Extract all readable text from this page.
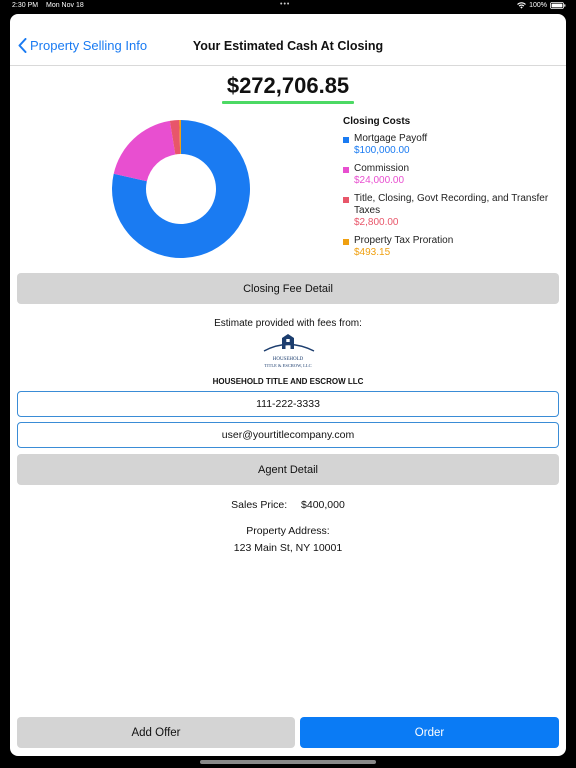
2:30 PM Mon Nov 18	•••	100%
Property Selling Info	Your Estimated Cash At Closing
$272,706.85
Closing Costs
Mortgage Payoff
$100,000.00
Commission
$24,000.00
Title, Closing, Govt Recording, and Transfer Taxes
$2,800.00
Property Tax Proration
$493.15
Closing Fee Detail
Estimate provided with fees from:
HOUSEHOLD
TITLE & ESCROW, LLC
HOUSEHOLD TITLE AND ESCROW LLC
111-222-3333
user@yourtitlecompany.com
Agent Detail
Sales Price: $400,000
Property Address:
123 Main St, NY 10001
Add Offer	Order
